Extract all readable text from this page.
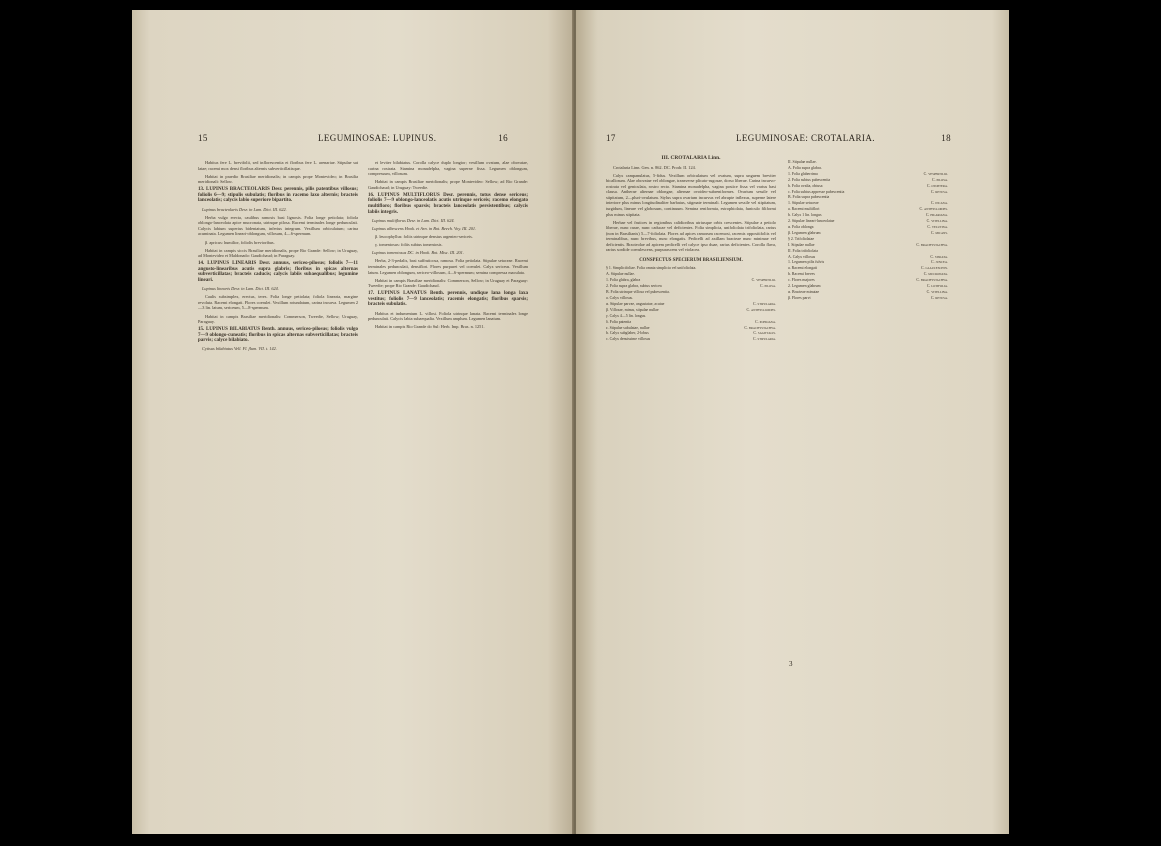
15	LEGUMINOSAE: LUPINUS.	16

Habitus fere L. brevifolii, sed inflorescentia et floribus fere L. arenariae. Stipulae sat latae; racemi mox densi floribus alternis subverticillatisque.

Habitat in praedio Brasiliae meridionalis; in campis prope Montevideo; in Brasilia meridionali: Sellow.

13. LUPINUS BRACTEOLARIS Desr. perennis, pilis patentibus villosus; foliolis 6—9; stipulis subulatis; floribus in racemo laxo alternis; bracteis lanceolatis; calycis labio superiore bipartito.

Lupinus bracteolaris Desr. in Lam. Dict. III. 622.

Herba vulgo erecta, caulibus ramosis basi lignosis. Folia longe petiolata; foliola oblongo-lanceolata apice mucronata, utrinque pilosa. Racemi terminales longe pedunculati. Calycis labium superius bidentatum, inferius integrum. Vexillum orbiculatum; carina acuminata. Legumen lineari-oblongum, villosum, 4—6-spermum.

β. apricus: humilior, foliolis brevioribus.

Habitat in campis siccis Brasiliae meridionalis, prope Rio Grande: Sellow; in Uruguay, ad Montevideo et Maldonado: Gaudichaud; in Paraguay.

14. LUPINUS LINEARIS Desr. annuus, sericeo-pilosus; foliolis 7—11 angusto-linearibus acutis supra glabris; floribus in spicas alternas subverticillatas; bracteis caducis; calycis labiis subaequalibus; legumine lineari.

Lupinus linearis Desr. in Lam. Dict. III. 624.

Caulis subsimplex, erectus, teres. Folia longe petiolata; foliola linearia, margine revoluta. Racemi elongati. Flores coerulei. Vexillum rotundatum, carina incurva. Legumen 2—3 lin. latum, sericeum, 5—8-spermum.

Habitat in campis Brasiliae meridionalis: Commerson, Tweedie, Sellow; Uruguay, Paraguay.

15. LUPINUS BILABIATUS Benth. annuus, sericeo-pilosus; foliolis vulgo 7—9 oblongo-cuneatis; floribus in spicas alternas subverticillatas; bracteis parvis; calyce bilabiato.

Cytisus bilabiatus Vell. Fl. flum. VII. t. 142.

et leviter bilabiatus. Corolla calyce duplo longior; vexillum ovatum, alae obovatae, carina rostrata. Stamina monadelpha, vagina superne fissa. Legumen oblongum, compressum, villosum.

Habitat in campis Brasiliae meridionalis; prope Montevideo: Sellow; ad Rio Grande: Gaudichaud; in Uruguay: Tweedie.

16. LUPINUS MULTIFLORUS Desr. perennis, totus dense sericeus; foliolis 7—9 oblongo-lanceolatis acutis utrinque sericeis; racemo elongato multifloro; floribus sparsis; bracteis lanceolatis persistentibus; calycis labiis integris.

Lupinus multiflorus Desr. in Lam. Dict. III. 624.

Lupinus albescens Hook. et Arn. in Bot. Beech. Voy. III. 201.

β. leucophyllus: foliis utrinque densius argenteo-sericeis.

γ. tomentosus: foliis subtus tomentosis.

Lupinus tomentosus DC. in Hook. Bot. Misc. III. 201.

Herba, 2-3-pedalis, basi suffruticosa, ramosa. Folia petiolata. Stipulae setaceae. Racemi terminales pedunculati, densiflori. Flores purpurei vel coerulei. Calyx sericeus. Vexillum latum. Legumen oblongum, sericeo-villosum, 4—6-spermum; semina compressa maculata.

Habitat in campis Brasiliae meridionalis: Commerson, Sellow; in Uruguay et Paraguay: Tweedie; prope Rio Grande: Gaudichaud.

17. LUPINUS LANATUS Benth. perennis, undique lana longa laxa vestitus; foliolis 7—9 lanceolatis; racemis elongatis; floribus sparsis; bracteis subulatis.

Habitus et indumentum L. villosi. Foliola utrinque lanata. Racemi terminales longe pedunculati. Calycis labia subaequalia. Vexillum amplum. Legumen lanatum.

Habitat in campis Rio Grande do Sul: Herb. Imp. Bras. n. 1251.

17	LEGUMINOSAE: CROTALARIA.	18

III. CROTALARIA Linn.

Crotalaria Linn. Gen. n. 862. DC. Prodr. II. 124.

Calyx campanulatus, 5-fidus. Vexillum orbiculatum vel ovatum, supra unguem breviter bicallosum. Alae obovatae vel oblongae, transverse plicato-rugosae, dorso liberae. Carina incurvo-rostrata vel geniculata, rostro recto. Stamina monadelpha, vagina postice fissa vel varius basi clausa. Antherae alternae oblongae, alternae ovoideo-subreniformes. Ovarium sessile vel stipitatum, 2—pluri-ovulatum. Stylus supra ovarium incurvus vel abrupte inflexus, superne latere interiore plus minus longitudinaliter barbatus, stigmate terminali. Legumen sessile vel stipitatum, turgidum, lineare vel globosum, continuum. Semina reniformia, estrophiolata, funiculo filiformi plus minus stipitata.

Herbae vel frutices in regionibus calidioribus utriusque orbis crescentes. Stipulae a petiolo liberae, nunc rarae, nunc caducae vel deficientes. Folia simplicia, unifoliolata trifoliolata, rarius (non in Brasilianis) 5—7-foliolata. Flores ad apices ramorum racemosi, racemis oppositifoliis vel terminalibus, nunc brevibus, nunc elongatis. Pedicelli ad axillam bracteae nunc minimae vel deficientis. Bracteolae ad apicem pedicelli vel calyce ipso duae, rarius deficientes. Corolla flava, rarius sordide coerulescens, purpurascens vel violacea.

CONSPECTUS SPECIERUM BRASILIENSIUM.

§ 1. Simplicifoliae. Folia omnia simplicia vel unifoliolata.
A. Stipulae nullae.
1. Folia glabra, glabra	C. vespertilio.
2. Folia supra glabra, subtus sericea	C. pilosa.
B. Folia utrinque villosa vel pubescentia.
a. Calyx villosus.
α. Stipulae parvae, angustatae, acutae	C. stipularia.
β. Villosae, minus, stipulae nullae	C. anthyllioides.
γ. Calyx 4—5 lin. longus.
δ. Folia patentia	C. pohliana.
ε. Stipulae subulatae, nullae	C. brachystachya.
b. Calyx subglaber, 2-lobus	C. sagittalis.
c. Calyx densissime villosus	C. stipularia.
II. Stipulae nullae.
A. Folia supra glabra.
1. Folia glaberrima	C. vespertilio.
2. Folia subtus pubescentia	C. pilosa.
b. Folia ovalia, obtusa	C. otoptera.
c. Folia subtus appresse pubescentia	C. retusa.
B. Folia supra pubescentia
1. Stipulae setaceae	C. incana.
a. Racemi multiflori	C. anthylloides.
b. Calyx 1 lin. longus	C. hilariana.
2. Stipulae lineari-lanceolatae	C. vitellina.
α. Folia oblonga	C. velutina.
β. Legumen glabrum	C. micans.
§ 2. Trifoliolatae
I. Stipulae nullae	C. brachystachya.
II. Folia trifoliolata
A. Calyx villosus	C. striata.
1. Legumen pilis fulvis	C. juncea.
a. Racemi elongati	C. glaucescens.
b. Racemi breves	C. mucronata.
c. Flores majores	C. brachystachya.
2. Legumen glabrum	C. lotifolia.
α. Bracteae minutae	C. vitellina.
β. Flores parvi	C. retusa.
3
